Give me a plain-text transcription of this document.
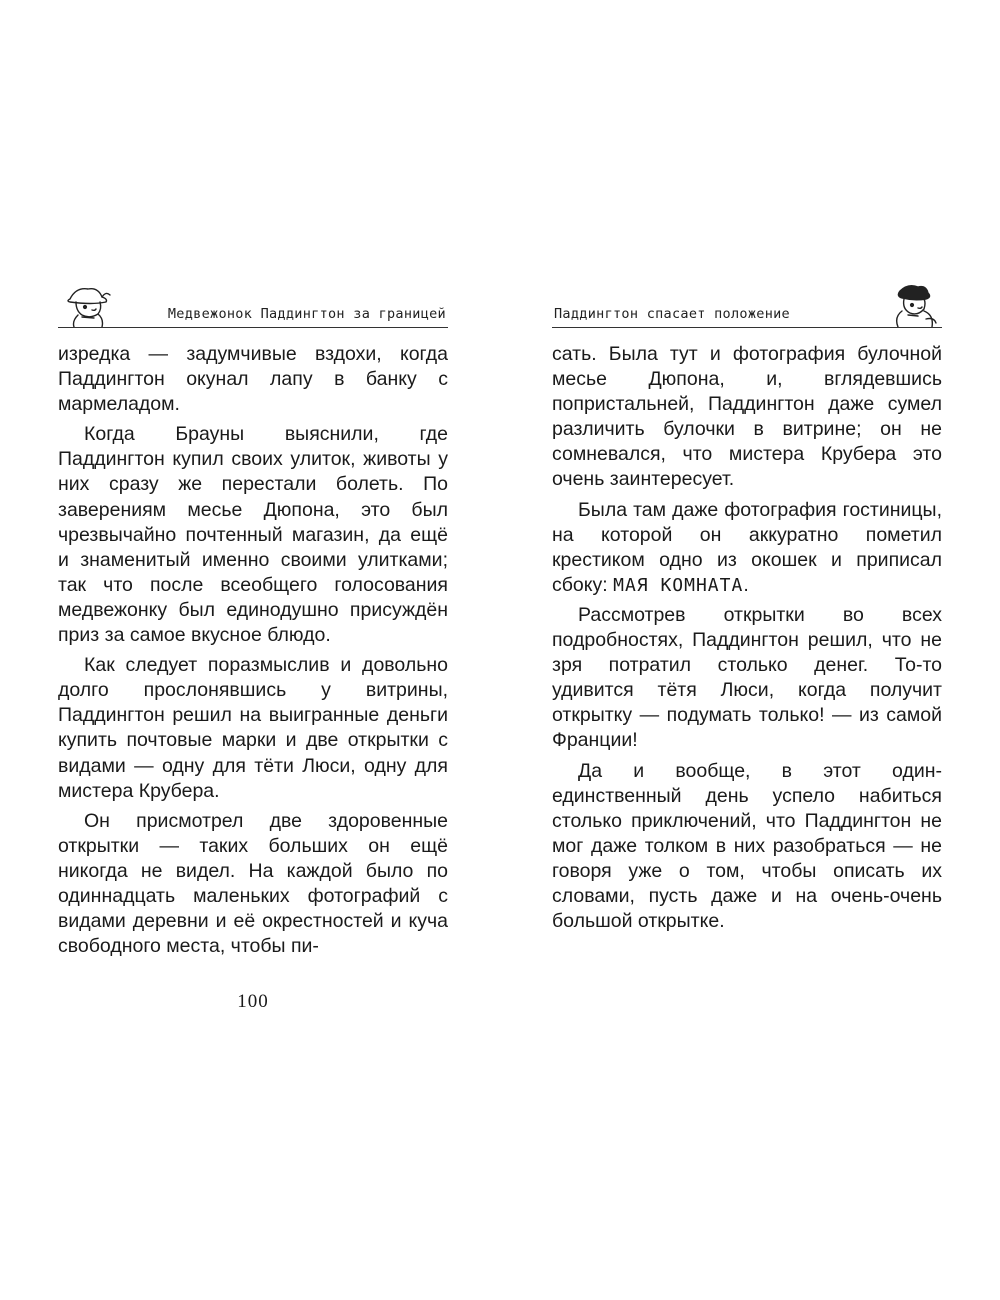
Медвежонок Паддингтон за границей

изредка — задумчивые вздохи, когда Паддингтон окунал лапу в банку с мармеладом.

Когда Брауны выяснили, где Паддингтон купил своих улиток, животы у них сразу же перестали болеть. По заверениям месье Дюпона, это был чрезвычайно почтенный магазин, да ещё и знаменитый именно своими улитками; так что после всеобщего голосования медвежонку был единодушно присуждён приз за самое вкусное блюдо.

Как следует поразмыслив и довольно долго прослонявшись у витрины, Паддингтон решил на выигранные деньги купить почтовые марки и две открытки с видами — одну для тёти Люси, одну для мистера Крубера.

Он присмотрел две здоровенные открытки — таких больших он ещё никогда не видел. На каждой было по одиннадцать маленьких фотографий с видами деревни и её окрестностей и куча свободного места, чтобы пи-

Паддингтон спасает положение

сать. Была тут и фотография булочной месье Дюпона, и, вглядевшись попристальней, Паддингтон даже сумел различить булочки в витрине; он не сомневался, что мистера Крубера это очень заинтересует.

Была там даже фотография гостиницы, на которой он аккуратно пометил крестиком одно из окошек и приписал сбоку: МАЯ КОМНАТА.

Рассмотрев открытки во всех подробностях, Паддингтон решил, что не зря потратил столько денег. То-то удивится тётя Люси, когда получит открытку — подумать только! — из самой Франции!

Да и вообще, в этот один-единственный день успело набиться столько приключений, что Паддингтон не мог даже толком в них разобраться — не говоря уже о том, чтобы описать их словами, пусть даже и на очень-очень большой открытке.

100
